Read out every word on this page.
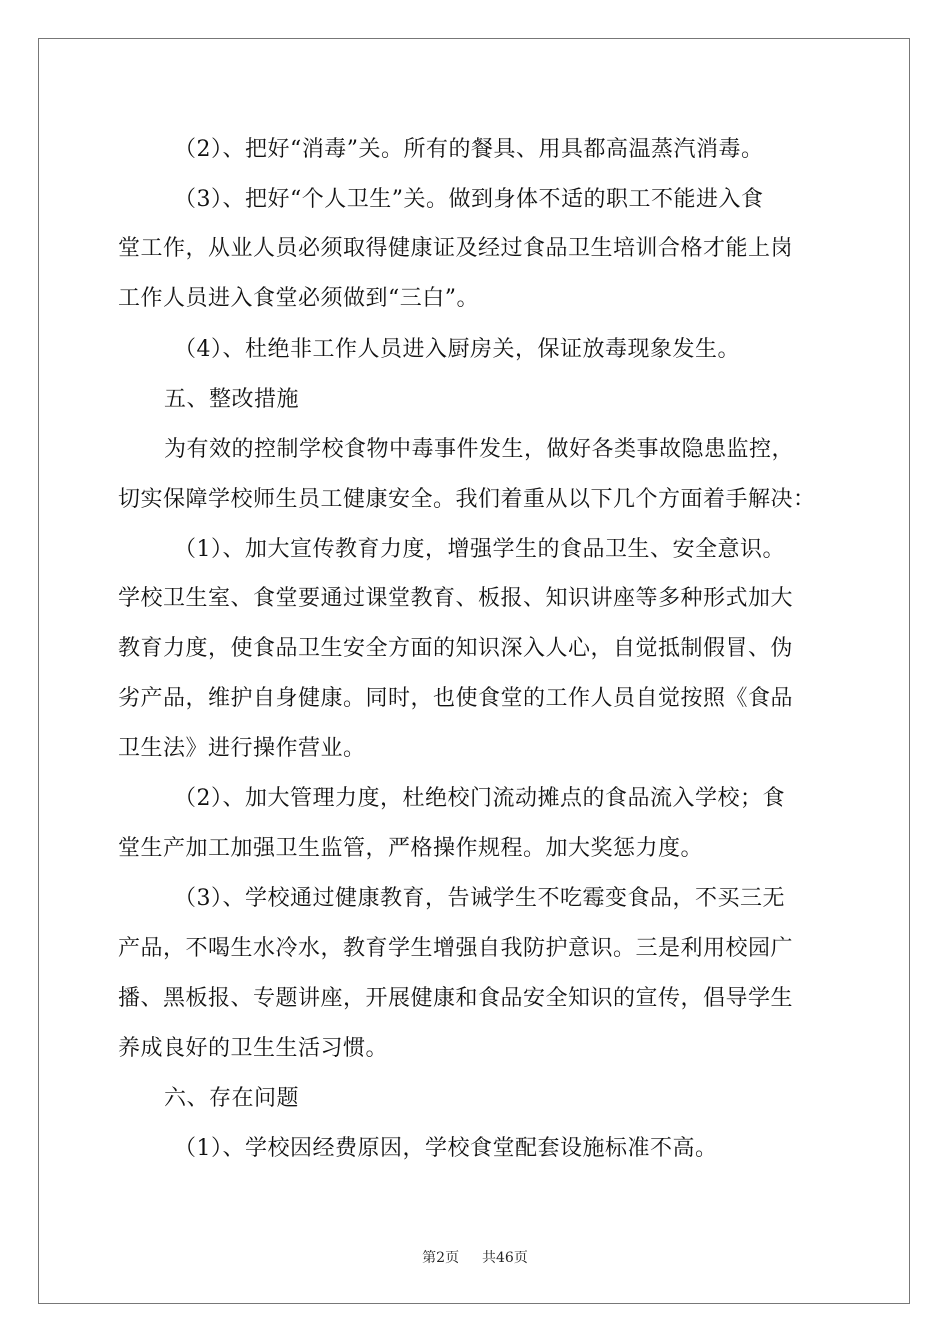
（2）、把好“消毒”关。所有的餐具、用具都高温蒸汽消毒。
（3）、把好“个人卫生”关。做到身体不适的职工不能进入食
堂工作，从业人员必须取得健康证及经过食品卫生培训合格才能上岗
工作人员进入食堂必须做到“三白”。
（4）、杜绝非工作人员进入厨房关，保证放毒现象发生。
五、整改措施
为有效的控制学校食物中毒事件发生，做好各类事故隐患监控，
切实保障学校师生员工健康安全。我们着重从以下几个方面着手解决：
（1）、加大宣传教育力度，增强学生的食品卫生、安全意识。
学校卫生室、食堂要通过课堂教育、板报、知识讲座等多种形式加大
教育力度，使食品卫生安全方面的知识深入人心，自觉抵制假冒、伪
劣产品，维护自身健康。同时，也使食堂的工作人员自觉按照《食品
卫生法》进行操作营业。
（2）、加大管理力度，杜绝校门流动摊点的食品流入学校；食
堂生产加工加强卫生监管，严格操作规程。加大奖惩力度。
（3）、学校通过健康教育，告诫学生不吃霉变食品，不买三无
产品，不喝生水冷水，教育学生增强自我防护意识。三是利用校园广
播、黑板报、专题讲座，开展健康和食品安全知识的宣传，倡导学生
养成良好的卫生生活习惯。
六、存在问题
（1）、学校因经费原因，学校食堂配套设施标准不高。
第2页 共46页
